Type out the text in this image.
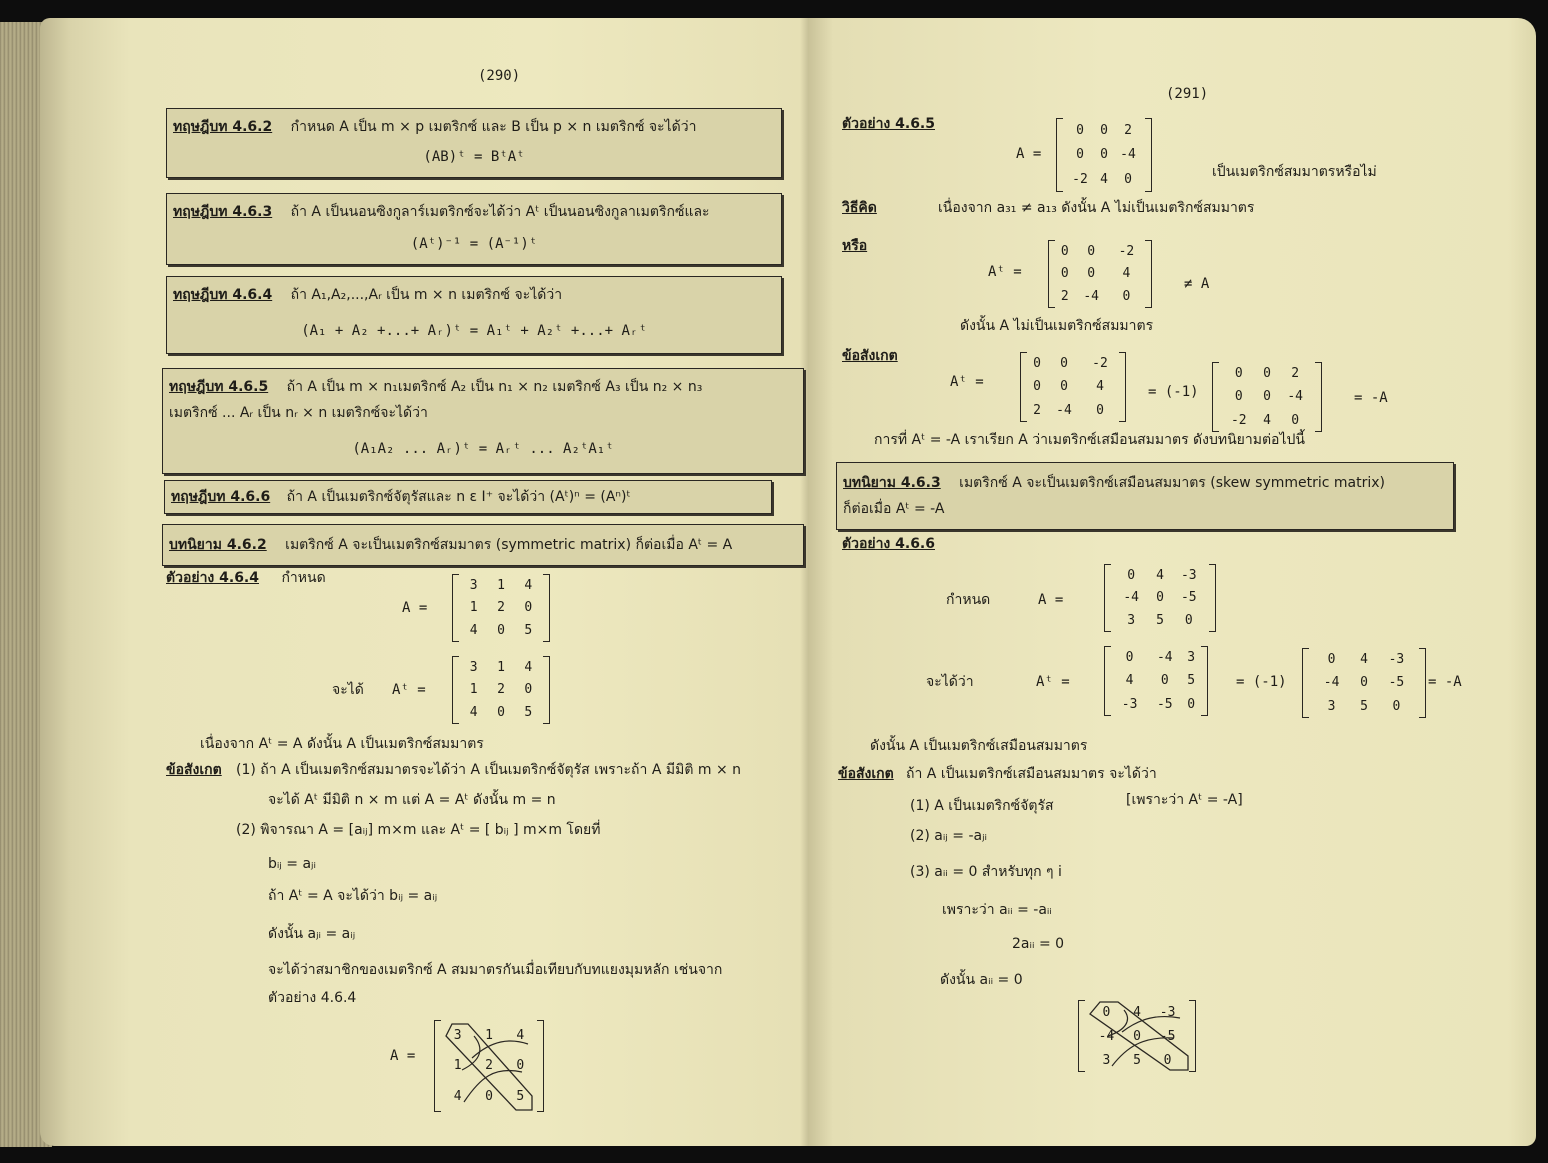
(290)
ทฤษฎีบท 4.6.2 กำหนด A เป็น m × p เมตริกซ์ และ B เป็น p × n เมตริกซ์ จะได้ว่า
(AB)ᵗ = BᵗAᵗ
ทฤษฎีบท 4.6.3 ถ้า A เป็นนอนซิงกูลาร์เมตริกซ์จะได้ว่า Aᵗ เป็นนอนซิงกูลาเมตริกซ์และ
(Aᵗ)⁻¹ = (A⁻¹)ᵗ
ทฤษฎีบท 4.6.4 ถ้า A₁,A₂,...,Aᵣ เป็น m × n เมตริกซ์ จะได้ว่า
(A₁ + A₂ +...+ Aᵣ)ᵗ = A₁ᵗ + A₂ᵗ +...+ Aᵣᵗ
ทฤษฎีบท 4.6.5 ถ้า A เป็น m × n₁เมตริกซ์ A₂ เป็น n₁ × n₂ เมตริกซ์ A₃ เป็น n₂ × n₃
เมตริกซ์ ... Aᵣ เป็น nᵣ × n เมตริกซ์จะได้ว่า
(A₁A₂ ... Aᵣ)ᵗ = Aᵣᵗ ... A₂ᵗA₁ᵗ
ทฤษฎีบท 4.6.6 ถ้า A เป็นเมตริกซ์จัตุรัสและ n ε I⁺ จะได้ว่า (Aᵗ)ⁿ = (Aⁿ)ᵗ
บทนิยาม 4.6.2 เมตริกซ์ A จะเป็นเมตริกซ์สมมาตร (symmetric matrix) ก็ต่อเมื่อ Aᵗ = A
ตัวอย่าง 4.6.4 กำหนด
A =
3	1	4
1	2	0
4	0	5
จะได้ Aᵗ =
3	1	4
1	2	0
4	0	5
เนื่องจาก Aᵗ = A ดังนั้น A เป็นเมตริกซ์สมมาตร
ข้อสังเกต (1) ถ้า A เป็นเมตริกซ์สมมาตรจะได้ว่า A เป็นเมตริกซ์จัตุรัส เพราะถ้า A มีมิติ m × n
จะได้ Aᵗ มีมิติ n × m แต่ A = Aᵗ ดังนั้น m = n
(2) พิจารณา A = [aᵢⱼ] m×m และ Aᵗ = [ bᵢⱼ ] m×m โดยที่
bᵢⱼ = aⱼᵢ
ถ้า Aᵗ = A จะได้ว่า bᵢⱼ = aᵢⱼ
ดังนั้น aⱼᵢ = aᵢⱼ
จะได้ว่าสมาชิกของเมตริกซ์ A สมมาตรกันเมื่อเทียบกับทแยงมุมหลัก เช่นจาก
ตัวอย่าง 4.6.4
A =
3	1	4
1	2	0
4	0	5
(291)
ตัวอย่าง 4.6.5
A =
0	0	2
0	0	-4
-2	4	0	เป็นเมตริกซ์สมมาตรหรือไม่
วิธีคิด	เนื่องจาก a₃₁ ≠ a₁₃ ดังนั้น A ไม่เป็นเมตริกซ์สมมาตร
หรือ
Aᵗ =
0	0	-2
0	0	4
2	-4	0
≠ A
ดังนั้น A ไม่เป็นเมตริกซ์สมมาตร
ข้อสังเกต
Aᵗ =
0	0	-2
0	0	4
2	-4	0
= (-1)
0	0	2
0	0	-4
-2	4	0
= -A
การที่ Aᵗ = -A เราเรียก A ว่าเมตริกซ์เสมือนสมมาตร ดังบทนิยามต่อไปนี้
บทนิยาม 4.6.3 เมตริกซ์ A จะเป็นเมตริกซ์เสมือนสมมาตร (skew symmetric matrix)
ก็ต่อเมื่อ Aᵗ = -A
ตัวอย่าง 4.6.6
กำหนด	A =
0	4	-3
-4	0	-5
3	5	0
จะได้ว่า	Aᵗ =
0	-4	3
4	0	5
-3	-5	0
= (-1)
0	4	-3
-4	0	-5
3	5	0
= -A
ดังนั้น A เป็นเมตริกซ์เสมือนสมมาตร
ข้อสังเกต ถ้า A เป็นเมตริกซ์เสมือนสมมาตร จะได้ว่า
(1) A เป็นเมตริกซ์จัตุรัส	[เพราะว่า Aᵗ = -A]
(2) aᵢⱼ = -aⱼᵢ
(3) aᵢᵢ = 0 สำหรับทุก ๆ i
เพราะว่า aᵢᵢ = -aᵢᵢ
2aᵢᵢ = 0
ดังนั้น aᵢᵢ = 0
0	4	-3
-4	0	-5
3	5	0
